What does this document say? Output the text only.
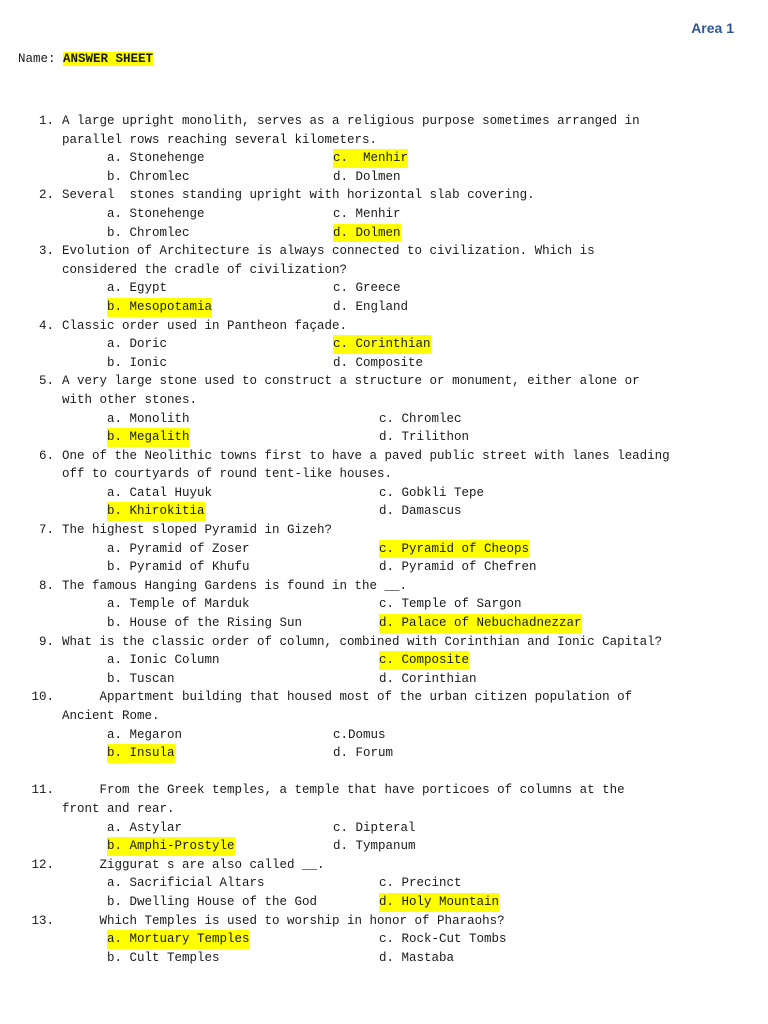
Area 1
Name: ANSWER SHEET
1. A large upright monolith, serves as a religious purpose sometimes arranged in
parallel rows reaching several kilometers.
a. Stonehenge	c.  Menhir
b. Chromlec	d. Dolmen
2. Several  stones standing upright with horizontal slab covering.
a. Stonehenge	c. Menhir
b. Chromlec	d. Dolmen
3. Evolution of Architecture is always connected to civilization. Which is
considered the cradle of civilization?
a. Egypt	c. Greece
b. Mesopotamia	d. England
4. Classic order used in Pantheon façade.
a. Doric	c. Corinthian
b. Ionic	d. Composite
5. A very large stone used to construct a structure or monument, either alone or
with other stones.
a. Monolith	c. Chromlec
b. Megalith	d. Trilithon
6. One of the Neolithic towns first to have a paved public street with lanes leading
off to courtyards of round tent-like houses.
a. Catal Huyuk	c. Gobkli Tepe
b. Khirokitia	d. Damascus
7. The highest sloped Pyramid in Gizeh?
a. Pyramid of Zoser	c. Pyramid of Cheops
b. Pyramid of Khufu	d. Pyramid of Chefren
8. The famous Hanging Gardens is found in the __.
a. Temple of Marduk	c. Temple of Sargon
b. House of the Rising Sun	d. Palace of Nebuchadnezzar
9. What is the classic order of column, combined with Corinthian and Ionic Capital?
a. Ionic Column	c. Composite
b. Tuscan	d. Corinthian
10. Appartment building that housed most of the urban citizen population of
Ancient Rome.
a. Megaron	c.Domus
b. Insula	d. Forum
11. From the Greek temples, a temple that have porticoes of columns at the
front and rear.
a. Astylar	c. Dipteral
b. Amphi-Prostyle	d. Tympanum
12. Ziggurat s are also called __.
a. Sacrificial Altars	c. Precinct
b. Dwelling House of the God	d. Holy Mountain
13. Which Temples is used to worship in honor of Pharaohs?
a. Mortuary Temples	c. Rock-Cut Tombs
b. Cult Temples	d. Mastaba
